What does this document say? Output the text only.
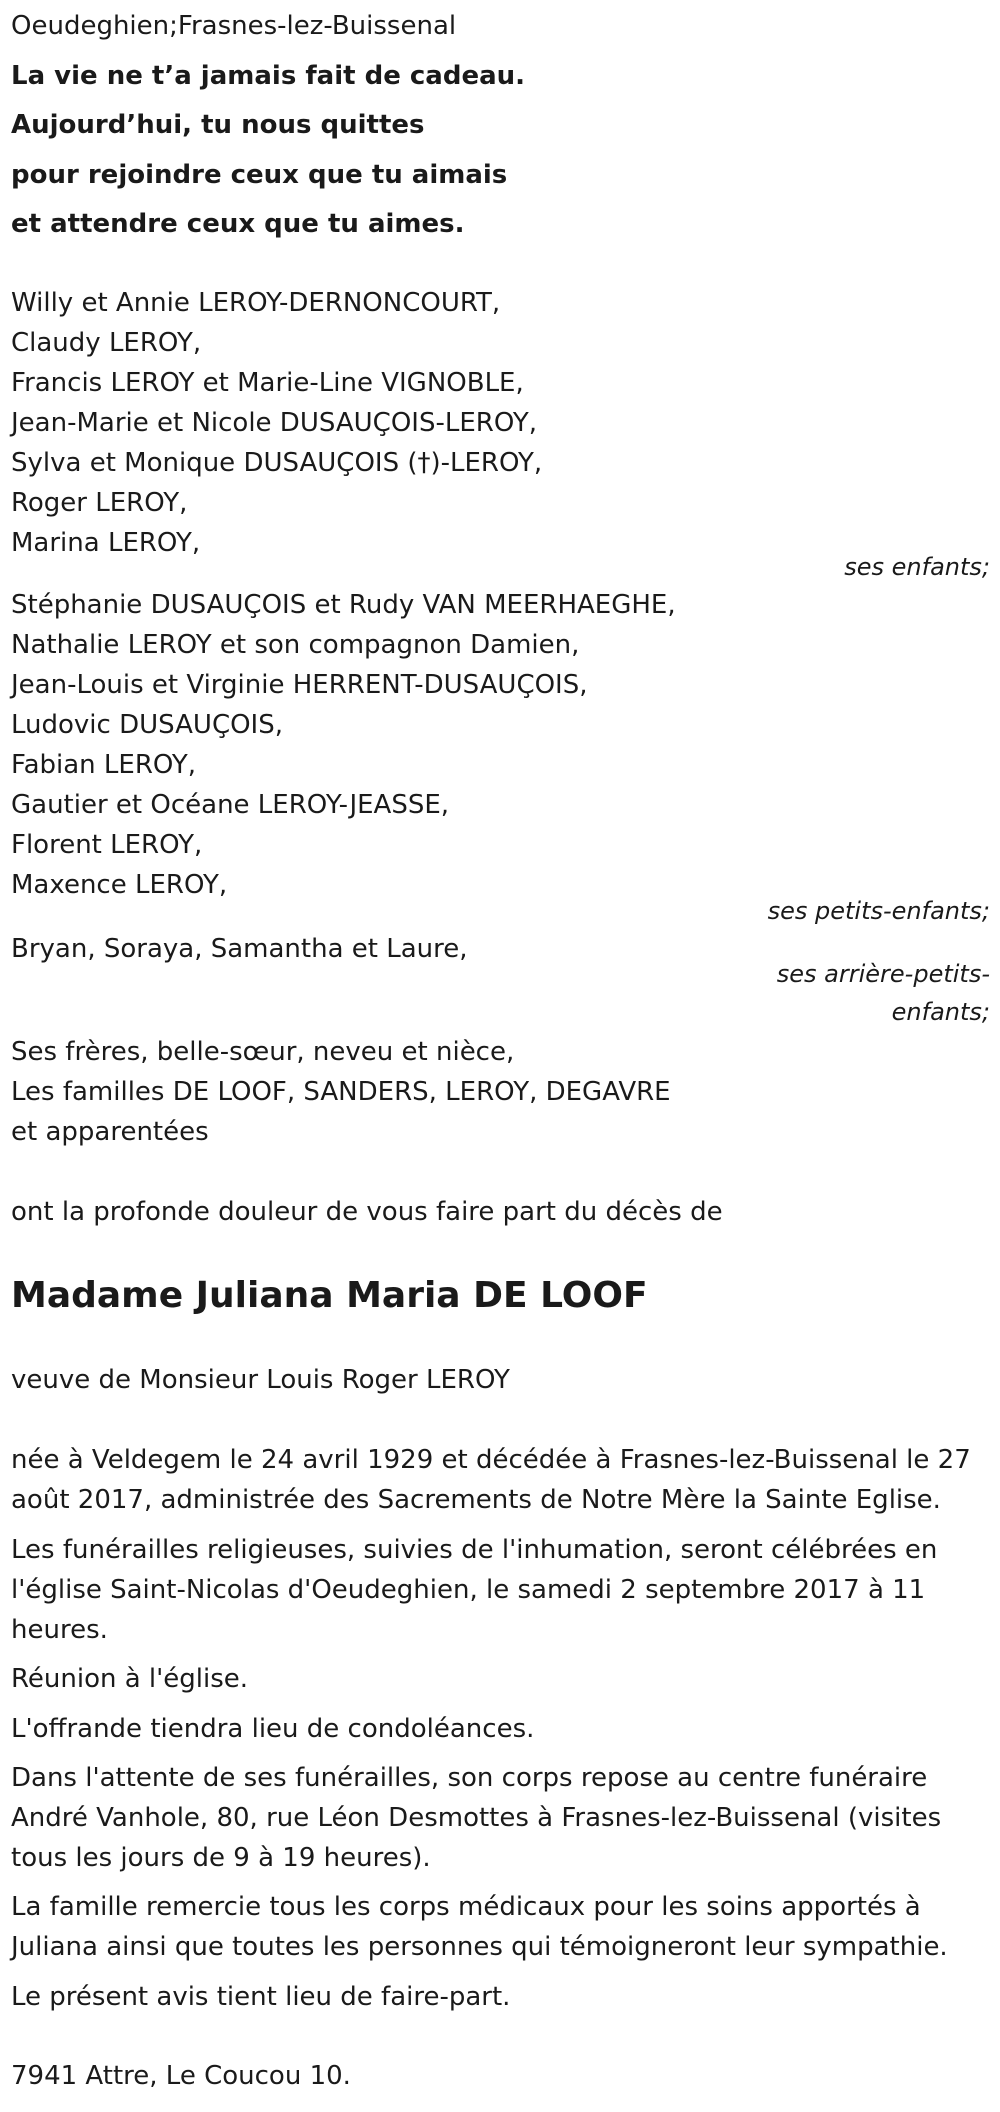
Oeudeghien;Frasnes-lez-Buissenal
La vie ne t’a jamais fait de cadeau.
Aujourd’hui, tu nous quittes
pour rejoindre ceux que tu aimais
et attendre ceux que tu aimes.
Willy et Annie LEROY-DERNONCOURT,
Claudy LEROY,
Francis LEROY et Marie-Line VIGNOBLE,
Jean-Marie et Nicole DUSAUÇOIS-LEROY,
Sylva et Monique DUSAUÇOIS (†)-LEROY,
Roger LEROY,
Marina LEROY,
ses enfants;
Stéphanie DUSAUÇOIS et Rudy VAN MEERHAEGHE,
Nathalie LEROY et son compagnon Damien,
Jean-Louis et Virginie HERRENT-DUSAUÇOIS,
Ludovic DUSAUÇOIS,
Fabian LEROY,
Gautier et Océane LEROY-JEASSE,
Florent LEROY,
Maxence LEROY,
ses petits-enfants;
Bryan, Soraya, Samantha et Laure,
ses arrière-petits-
enfants;
Ses frères, belle-sœur, neveu et nièce,
Les familles DE LOOF, SANDERS, LEROY, DEGAVRE
et apparentées
ont la profonde douleur de vous faire part du décès de
Madame Juliana Maria DE LOOF
veuve de Monsieur Louis Roger LEROY
née à Veldegem le 24 avril 1929 et décédée à Frasnes-lez-Buissenal le 27
août 2017, administrée des Sacrements de Notre Mère la Sainte Eglise.
Les funérailles religieuses, suivies de l'inhumation, seront célébrées en
l'église Saint-Nicolas d'Oeudeghien, le samedi 2 septembre 2017 à 11
heures.
Réunion à l'église.
L'offrande tiendra lieu de condoléances.
Dans l'attente de ses funérailles, son corps repose au centre funéraire
André Vanhole, 80, rue Léon Desmottes à Frasnes-lez-Buissenal (visites
tous les jours de 9 à 19 heures).
La famille remercie tous les corps médicaux pour les soins apportés à
Juliana ainsi que toutes les personnes qui témoigneront leur sympathie.
Le présent avis tient lieu de faire-part.
7941 Attre, Le Coucou 10.
